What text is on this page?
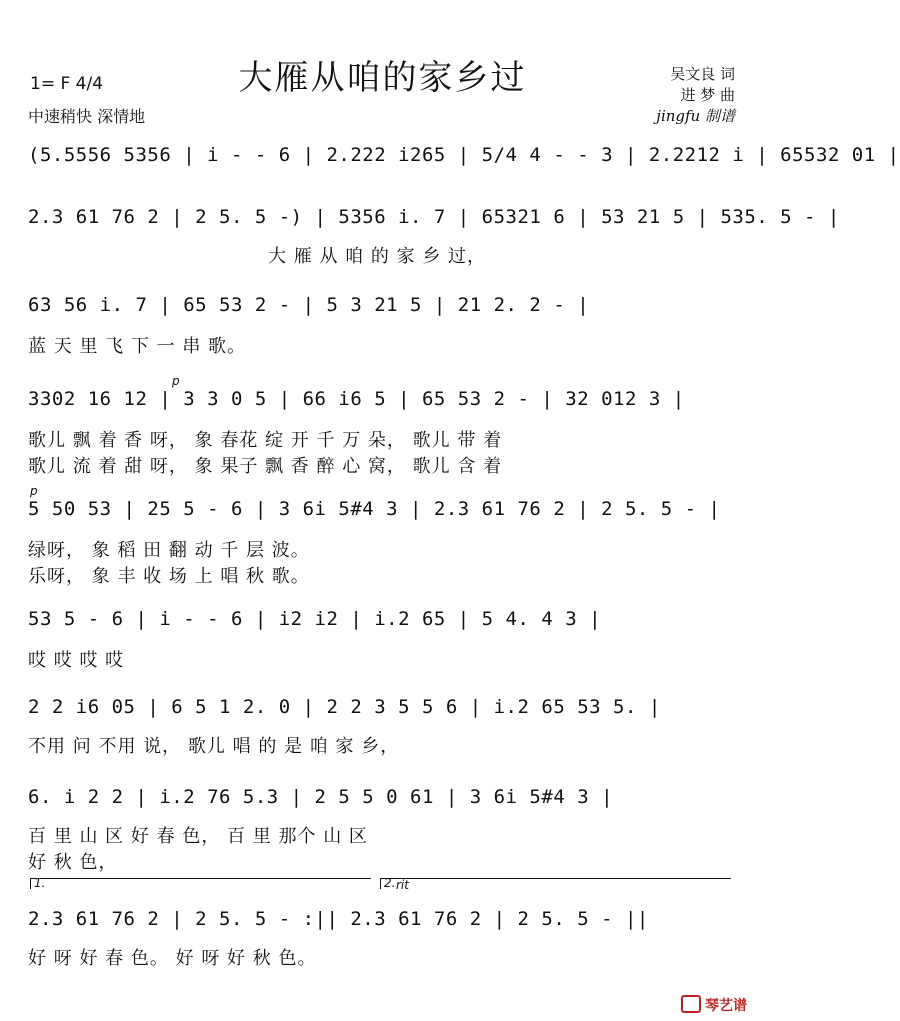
大雁从咱的家乡过
1= F 4/4
中速稍快 深情地
吴文良 词
进 梦 曲
jingfu 制谱
(5.5556 5356 | i - - 6 | 2.222 i265 | 5/4 4 - - 3 | 2.2212 i | 65532 01 |
2.3 61 76 2 | 2 5. 5 -) | 5356 i. 7 | 65321 6 | 53 21 5 | 535. 5 - |
大 雁 从 咱 的 家 乡 过，
63 56 i. 7 | 65 53 2 - | 5 3 21 5 | 21 2. 2 - |
蓝 天 里 飞 下 一 串 歌。
p
3302 16 12 | 3 3 0 5 | 66 i6 5 | 65 53 2 - | 32 012 3 |
歌儿 飘 着 香 呀， 象 春花 绽 开 千 万 朵， 歌儿 带 着
歌儿 流 着 甜 呀， 象 果子 飘 香 醉 心 窝， 歌儿 含 着
p
5 50 53 | 25 5 - 6 | 3 6i 5#4 3 | 2.3 61 76 2 | 2 5. 5 - |
绿呀， 象 稻 田 翻 动 千 层 波。
乐呀， 象 丰 收 场 上 唱 秋 歌。
53 5 - 6 | i - - 6 | i2 i2 | i.2 65 | 5 4. 4 3 |
哎 哎 哎 哎
2 2 i6 05 | 6 5 1 2. 0 | 2 2 3 5 5 6 | i.2 65 53 5. |
不用 问 不用 说， 歌儿 唱 的 是 咱 家 乡，
6. i 2 2 | i.2 76 5.3 | 2 5 5 0 61 | 3 6i 5#4 3 |
百 里 山 区 好 春 色， 百 里 那个 山 区
好 秋 色，
1.	2. rit
2.3 61 76 2 | 2 5. 5 - :|| 2.3 61 76 2 | 2 5. 5 - ||
好 呀 好 春 色。 好 呀 好 秋 色。
琴艺谱
